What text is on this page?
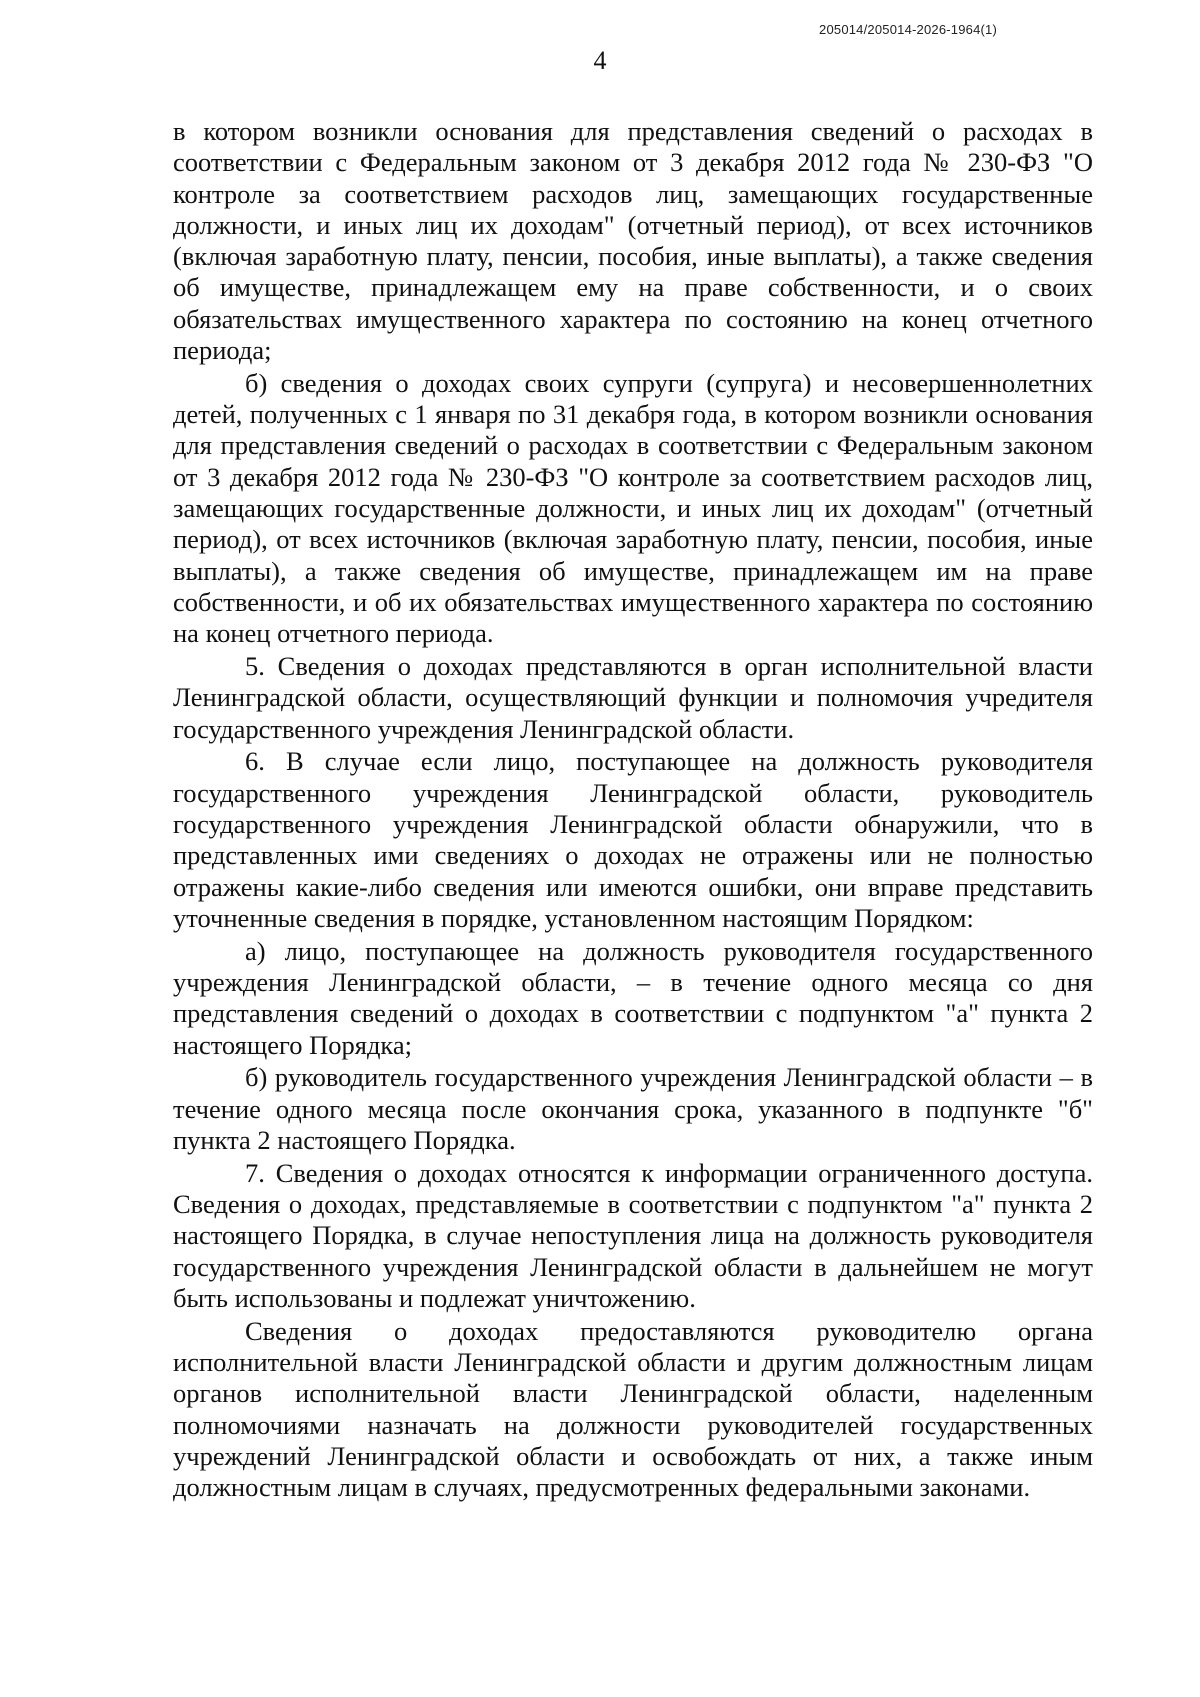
205014/205014-2026-1964(1)
4

в котором возникли основания для представления сведений о расходах в соответствии с Федеральным законом от 3 декабря 2012 года № 230-ФЗ "О контроле за соответствием расходов лиц, замещающих государственные должности, и иных лиц их доходам" (отчетный период), от всех источников (включая заработную плату, пенсии, пособия, иные выплаты), а также сведения об имуществе, принадлежащем ему на праве собственности, и о своих обязательствах имущественного характера по состоянию на конец отчетного периода;

б) сведения о доходах своих супруги (супруга) и несовершеннолетних детей, полученных с 1 января по 31 декабря года, в котором возникли основания для представления сведений о расходах в соответствии с Федеральным законом от 3 декабря 2012 года № 230-ФЗ "О контроле за соответствием расходов лиц, замещающих государственные должности, и иных лиц их доходам" (отчетный период), от всех источников (включая заработную плату, пенсии, пособия, иные выплаты), а также сведения об имуществе, принадлежащем им на праве собственности, и об их обязательствах имущественного характера по состоянию на конец отчетного периода.

5. Сведения о доходах представляются в орган исполнительной власти Ленинградской области, осуществляющий функции и полномочия учредителя государственного учреждения Ленинградской области.

6. В случае если лицо, поступающее на должность руководителя государственного учреждения Ленинградской области, руководитель государственного учреждения Ленинградской области обнаружили, что в представленных ими сведениях о доходах не отражены или не полностью отражены какие-либо сведения или имеются ошибки, они вправе представить уточненные сведения в порядке, установленном настоящим Порядком:

а) лицо, поступающее на должность руководителя государственного учреждения Ленинградской области, – в течение одного месяца со дня представления сведений о доходах в соответствии с подпунктом "а" пункта 2 настоящего Порядка;

б) руководитель государственного учреждения Ленинградской области – в течение одного месяца после окончания срока, указанного в подпункте "б" пункта 2 настоящего Порядка.

7. Сведения о доходах относятся к информации ограниченного доступа. Сведения о доходах, представляемые в соответствии с подпунктом "а" пункта 2 настоящего Порядка, в случае непоступления лица на должность руководителя государственного учреждения Ленинградской области в дальнейшем не могут быть использованы и подлежат уничтожению.

Сведения о доходах предоставляются руководителю органа исполнительной власти Ленинградской области и другим должностным лицам органов исполнительной власти Ленинградской области, наделенным полномочиями назначать на должности руководителей государственных учреждений Ленинградской области и освобождать от них, а также иным должностным лицам в случаях, предусмотренных федеральными законами.
